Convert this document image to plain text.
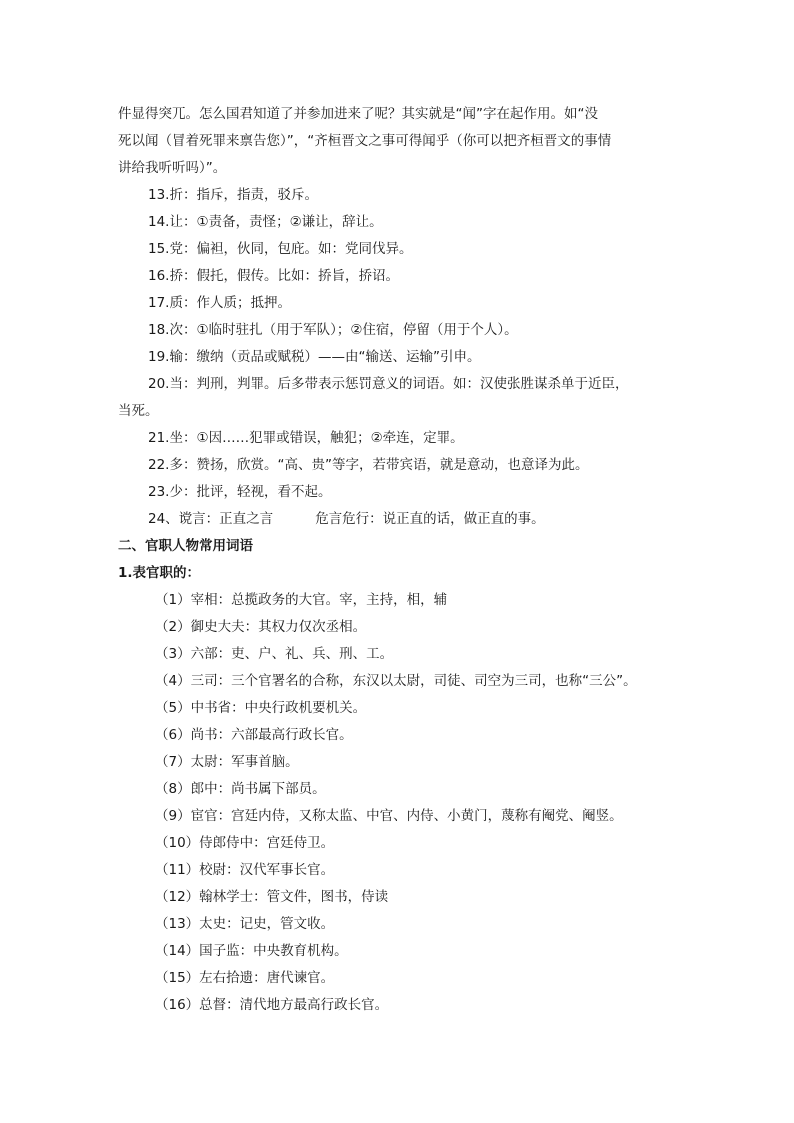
件显得突兀。怎么国君知道了并参加进来了呢？其实就是“闻”字在起作用。如“没

死以闻（冒着死罪来禀告您）”，“齐桓晋文之事可得闻乎（你可以把齐桓晋文的事情

讲给我听听吗）”。

13.折：指斥，指责，驳斥。

14.让：①责备，责怪；②谦让，辞让。

15.党：偏袒，伙同，包庇。如：党同伐异。

16.挢：假托，假传。比如：挢旨，挢诏。

17.质：作人质；抵押。

18.次：①临时驻扎（用于军队）；②住宿，停留（用于个人）。

19.输：缴纳（贡品或赋税）——由“输送、运输”引申。

20.当：判刑，判罪。后多带表示惩罚意义的词语。如：汉使张胜谋杀单于近臣，

当死。

21.坐：①因……犯罪或错误，触犯；②牵连，定罪。

22.多：赞扬，欣赏。“高、贵”等字，若带宾语，就是意动，也意译为此。

23.少：批评，轻视，看不起。

24、谠言：正直之言	危言危行：说正直的话，做正直的事。

二、官职人物常用词语

1.表官职的：

（1）宰相：总揽政务的大官。宰，主持，相，辅

（2）御史大夫：其权力仅次丞相。

（3）六部：吏、户、礼、兵、刑、工。

（4）三司：三个官署名的合称，东汉以太尉，司徒、司空为三司，也称“三公”。

（5）中书省：中央行政机要机关。

（6）尚书：六部最高行政长官。

（7）太尉：军事首脑。

（8）郎中：尚书属下部员。

（9）宦官：宫廷内侍，又称太监、中官、内侍、小黄门，蔑称有阉党、阉竖。

（10）侍郎侍中：宫廷侍卫。

（11）校尉：汉代军事长官。

（12）翰林学士：管文件，图书，侍读

（13）太史：记史，管文收。

（14）国子监：中央教育机构。

（15）左右拾遗：唐代谏官。

（16）总督：清代地方最高行政长官。
